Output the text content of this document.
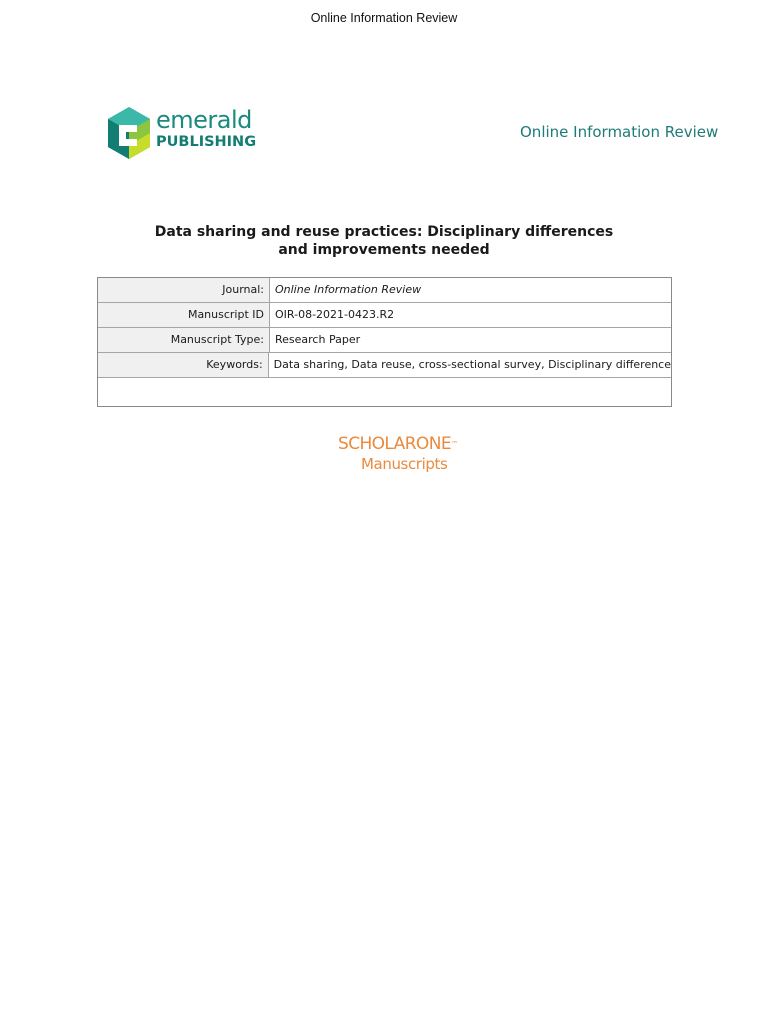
Online Information Review
emerald
PUBLISHING
Online Information Review
Data sharing and reuse practices: Disciplinary differences
and improvements needed
Journal:	Online Information Review
Manuscript ID	OIR-08-2021-0423.R2
Manuscript Type:	Research Paper
Keywords:	Data sharing, Data reuse, cross-sectional survey, Disciplinary difference
SCHOLARONE™
Manuscripts
